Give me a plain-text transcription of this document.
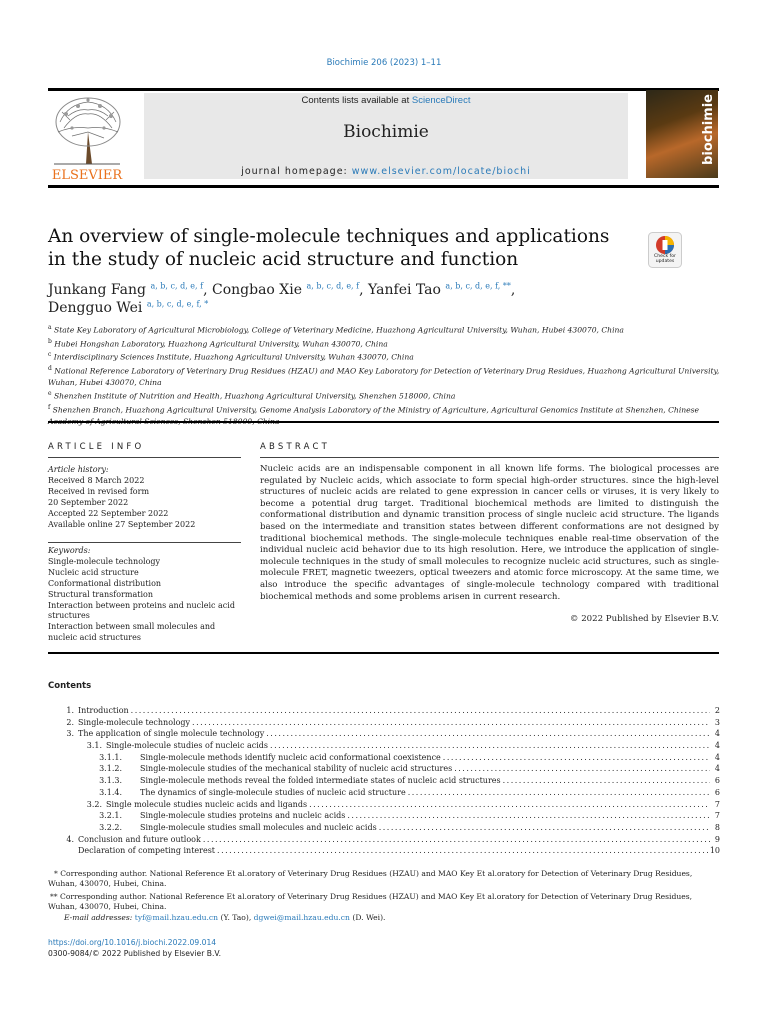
Biochimie 206 (2023) 1–11
ELSEVIER
Contents lists available at ScienceDirect
Biochimie
journal homepage: www.elsevier.com/locate/biochi
biochimie
An overview of single-molecule techniques and applications in the study of nucleic acid structure and function	Check for updates
Junkang Fang $^{a, b, c, d, e, f}$, Congbao Xie $^{a, b, c, d, e, f}$, Yanfei Tao $^{a, b, c, d, e, f, **}$,
Dengguo Wei $^{a, b, c, d, e, f, *}$
$^a$ State Key Laboratory of Agricultural Microbiology, College of Veterinary Medicine, Huazhong Agricultural University, Wuhan, Hubei 430070, China
$^b$ Hubei Hongshan Laboratory, Huazhong Agricultural University, Wuhan 430070, China
$^c$ Interdisciplinary Sciences Institute, Huazhong Agricultural University, Wuhan 430070, China
$^d$ National Reference Laboratory of Veterinary Drug Residues (HZAU) and MAO Key Laboratory for Detection of Veterinary Drug Residues, Huazhong Agricultural University, Wuhan, Hubei 430070, China
$^e$ Shenzhen Institute of Nutrition and Health, Huazhong Agricultural University, Shenzhen 518000, China
$^f$ Shenzhen Branch, Huazhong Agricultural University, Genome Analysis Laboratory of the Ministry of Agriculture, Agricultural Genomics Institute at Shenzhen, Chinese
ARTICLE INFO
Article history:
Received 8 March 2022
Received in revised form
20 September 2022
Accepted 22 September 2022
Available online 27 September 2022
Keywords:
Single-molecule technology
Nucleic acid structure
Conformational distribution
Structural transformation
Interaction between proteins and nucleic acid structures
Interaction between small molecules and nucleic acid structures
ABSTRACT
Nucleic acids are an indispensable component in all known life forms. The biological processes are regulated by Nucleic acids, which associate to form special high-order structures. since the high-level structures of nucleic acids are related to gene expression in cancer cells or viruses, it is very likely to become a potential drug target. Traditional biochemical methods are limited to distinguish the conformational distribution and dynamic transition process of single nucleic acid structure. The ligands based on the intermediate and transition states between different conformations are not designed by traditional biochemical methods. The single-molecule techniques enable real-time observation of the individual nucleic acid behavior due to its high resolution. Here, we introduce the application of single-molecule techniques in the study of small molecules to recognize nucleic acid structures, such as single-molecule FRET, magnetic tweezers, optical tweezers and atomic force microscopy. At the same time, we also introduce the specific advantages of single-molecule technology compared with traditional biochemical methods and some problems arisen in current research.
© 2022 Published by Elsevier B.V.
Contents
1. Introduction .....	2
2. Single-molecule technology .....	3
3. The application of single molecule technology .....	4
3.1. Single-molecule studies of nucleic acids .....	4
3.1.1. Single-molecule methods identify nucleic acid conformational coexistence .....	4
3.1.2. Single-molecule studies of the mechanical stability of nucleic acid structures .....	4
3.1.3. Single-molecule methods reveal the folded intermediate states of nucleic acid structures .....	6
3.1.4. The dynamics of single-molecule studies of nucleic acid structure .....	6
3.2. Single molecule studies nucleic acids and ligands .....	7
3.2.1. Single-molecule studies proteins and nucleic acids .....	7
3.2.2. Single-molecule studies small molecules and nucleic acids .....	8
4. Conclusion and future outlook .....	9
Declaration of competing interest .....	10
* Corresponding author. National Reference Et al.oratory of Veterinary Drug Residues (HZAU) and MAO Key Et al.oratory for Detection of Veterinary Drug Residues, Wuhan, 430070, Hubei, China.
** Corresponding author. National Reference Et al.oratory of Veterinary Drug Residues (HZAU) and MAO Key Et al.oratory for Detection of Veterinary Drug Residues, Wuhan, 430070, Hubei, China.
E-mail addresses: tyf@mail.hzau.edu.cn (Y. Tao), dgwei@mail.hzau.edu.cn (D. Wei).
https://doi.org/10.1016/j.biochi.2022.09.014
0300-9084/© 2022 Published by Elsevier B.V.
